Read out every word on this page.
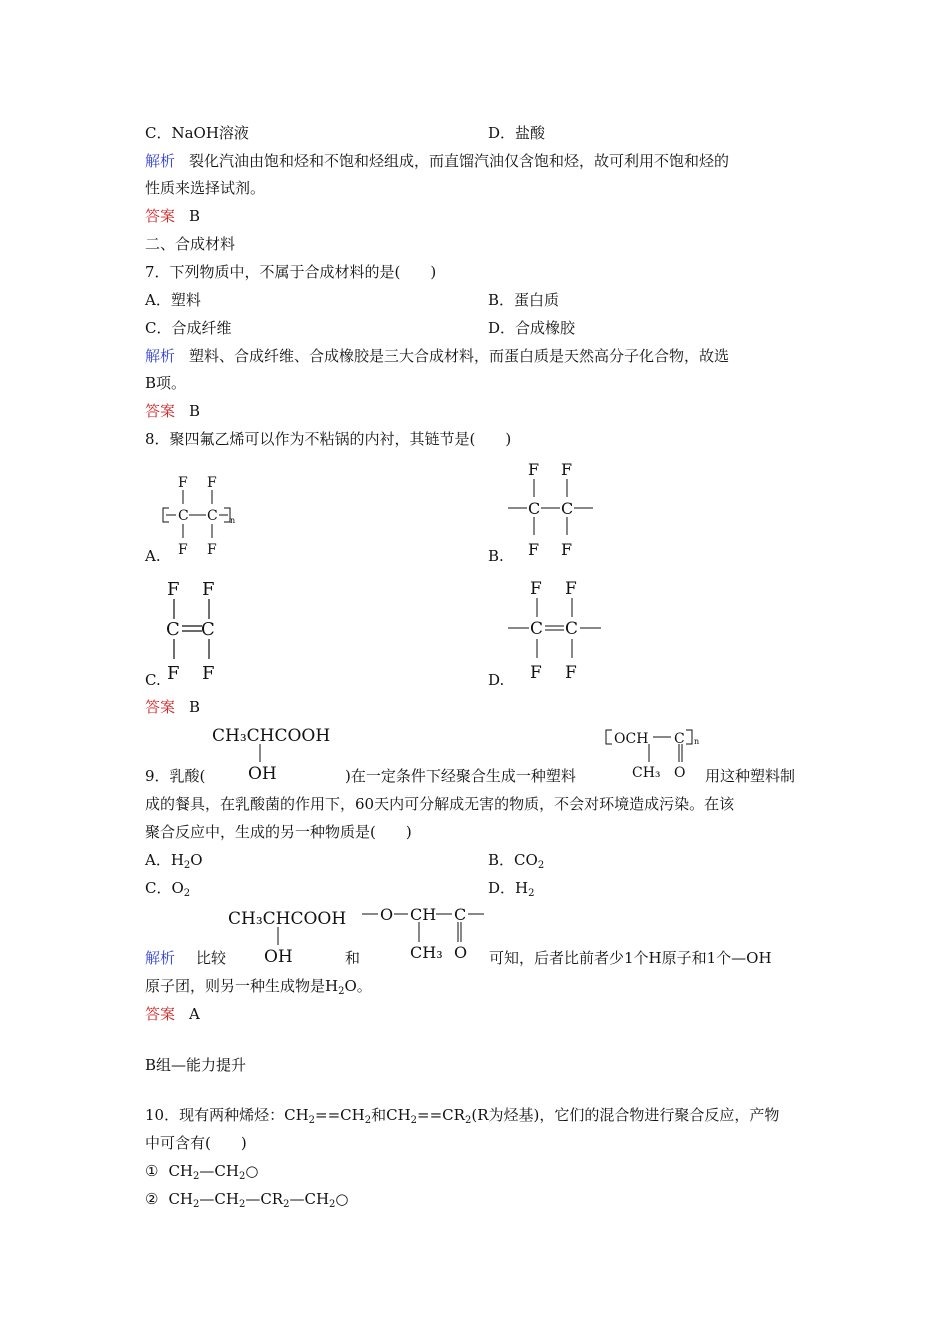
C．NaOH溶液	D．盐酸
解析 裂化汽油由饱和烃和不饱和烃组成，而直馏汽油仅含饱和烃，故可利用不饱和烃的
性质来选择试剂。
答案 B
二、合成材料
7．下列物质中，不属于合成材料的是(　　)
A．塑料	B．蛋白质
C．合成纤维	D．合成橡胶
解析 塑料、合成纤维、合成橡胶是三大合成材料，而蛋白质是天然高分子化合物，故选
B项。
答案 B
8．聚四氟乙烯可以作为不粘锅的内衬，其链节是(　　)
A.
F F
C C
F F
n
B.
F F
C C
F F
C.
F F
C C
F F	D.
F F
C C
F F
答案 B
CH₃CHCOOH
OH
9．乳酸(	)在一定条件下经聚合生成一种塑料
OCH C
CH₃ O
n
用这种塑料制
成的餐具，在乳酸菌的作用下，60天内可分解成无害的物质，不会对环境造成污染。在该
聚合反应中，生成的另一种物质是(　　)
A．$H_2O$	B．$CO_2$
C．$O_2$	D．$H_2$
解析 比较
CH₃CHCOOH
OH	和
O CH C
CH₃ O 可知，后者比前者少1个H原子和1个—OH
原子团，则另一种生成物是$H_2O$。
答案 A
B组—能力提升
10．现有两种烯烃：$CH_2==CH_2$和$CH_2==CR_2(R$为烃基)，它们的混合物进行聚合反应，产物
中可含有(　　)
① $CH_2—CH_2○$
② $CH_2—CH_2—CR_2—CH_2○$
